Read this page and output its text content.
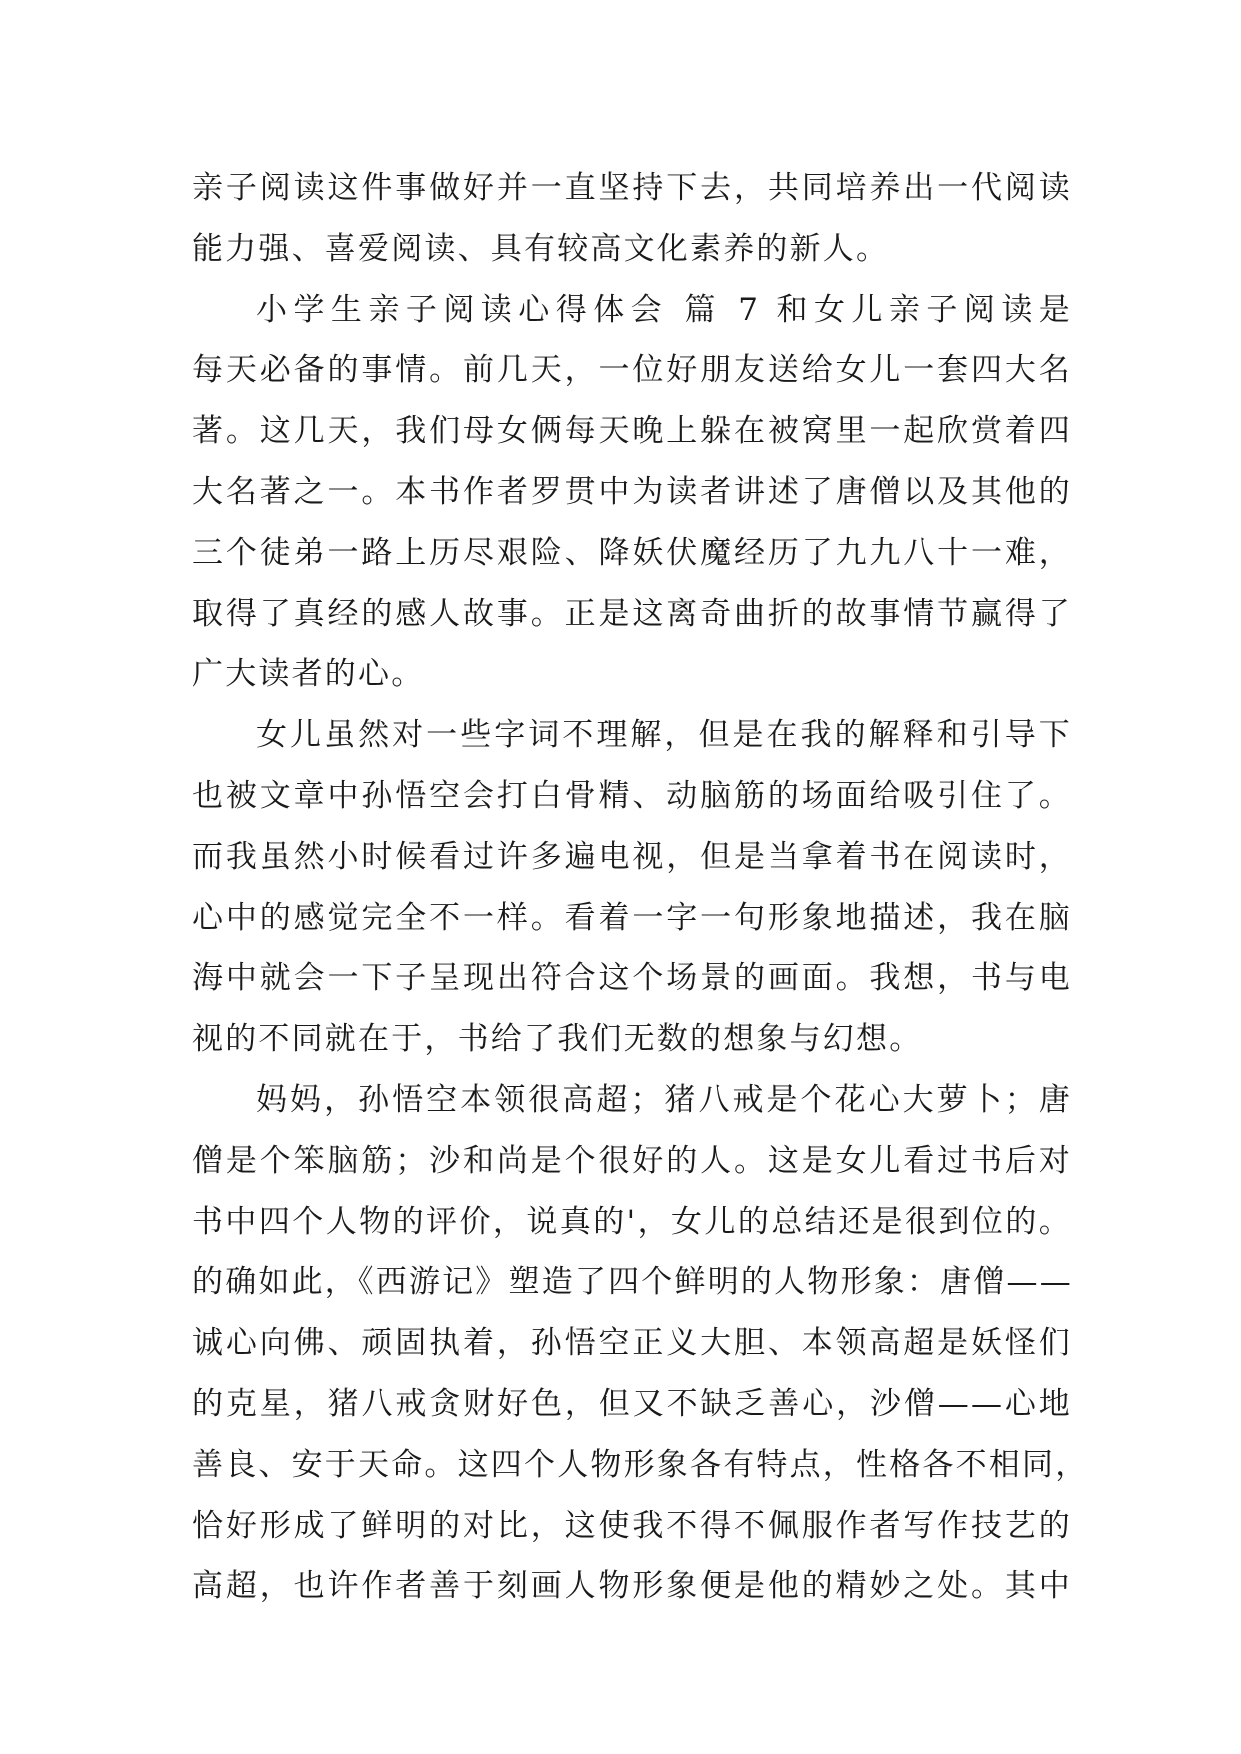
亲子阅读这件事做好并一直坚持下去，共同培养出一代阅读
能力强、喜爱阅读、具有较高文化素养的新人。
小学生亲子阅读心得体会 篇 7 和女儿亲子阅读是
每天必备的事情。前几天，一位好朋友送给女儿一套四大名
著。这几天，我们母女俩每天晚上躲在被窝里一起欣赏着四
大名著之一。本书作者罗贯中为读者讲述了唐僧以及其他的
三个徒弟一路上历尽艰险、降妖伏魔经历了九九八十一难，
取得了真经的感人故事。正是这离奇曲折的故事情节赢得了
广大读者的心。
女儿虽然对一些字词不理解，但是在我的解释和引导下
也被文章中孙悟空会打白骨精、动脑筋的场面给吸引住了。
而我虽然小时候看过许多遍电视，但是当拿着书在阅读时，
心中的感觉完全不一样。看着一字一句形象地描述，我在脑
海中就会一下子呈现出符合这个场景的画面。我想，书与电
视的不同就在于，书给了我们无数的想象与幻想。
妈妈，孙悟空本领很高超；猪八戒是个花心大萝卜；唐
僧是个笨脑筋；沙和尚是个很好的人。这是女儿看过书后对
书中四个人物的评价，说真的'，女儿的总结还是很到位的。
的确如此，《西游记》塑造了四个鲜明的人物形象：唐僧——
诚心向佛、顽固执着，孙悟空正义大胆、本领高超是妖怪们
的克星，猪八戒贪财好色，但又不缺乏善心，沙僧——心地
善良、安于天命。这四个人物形象各有特点，性格各不相同，
恰好形成了鲜明的对比，这使我不得不佩服作者写作技艺的
高超，也许作者善于刻画人物形象便是他的精妙之处。其中
